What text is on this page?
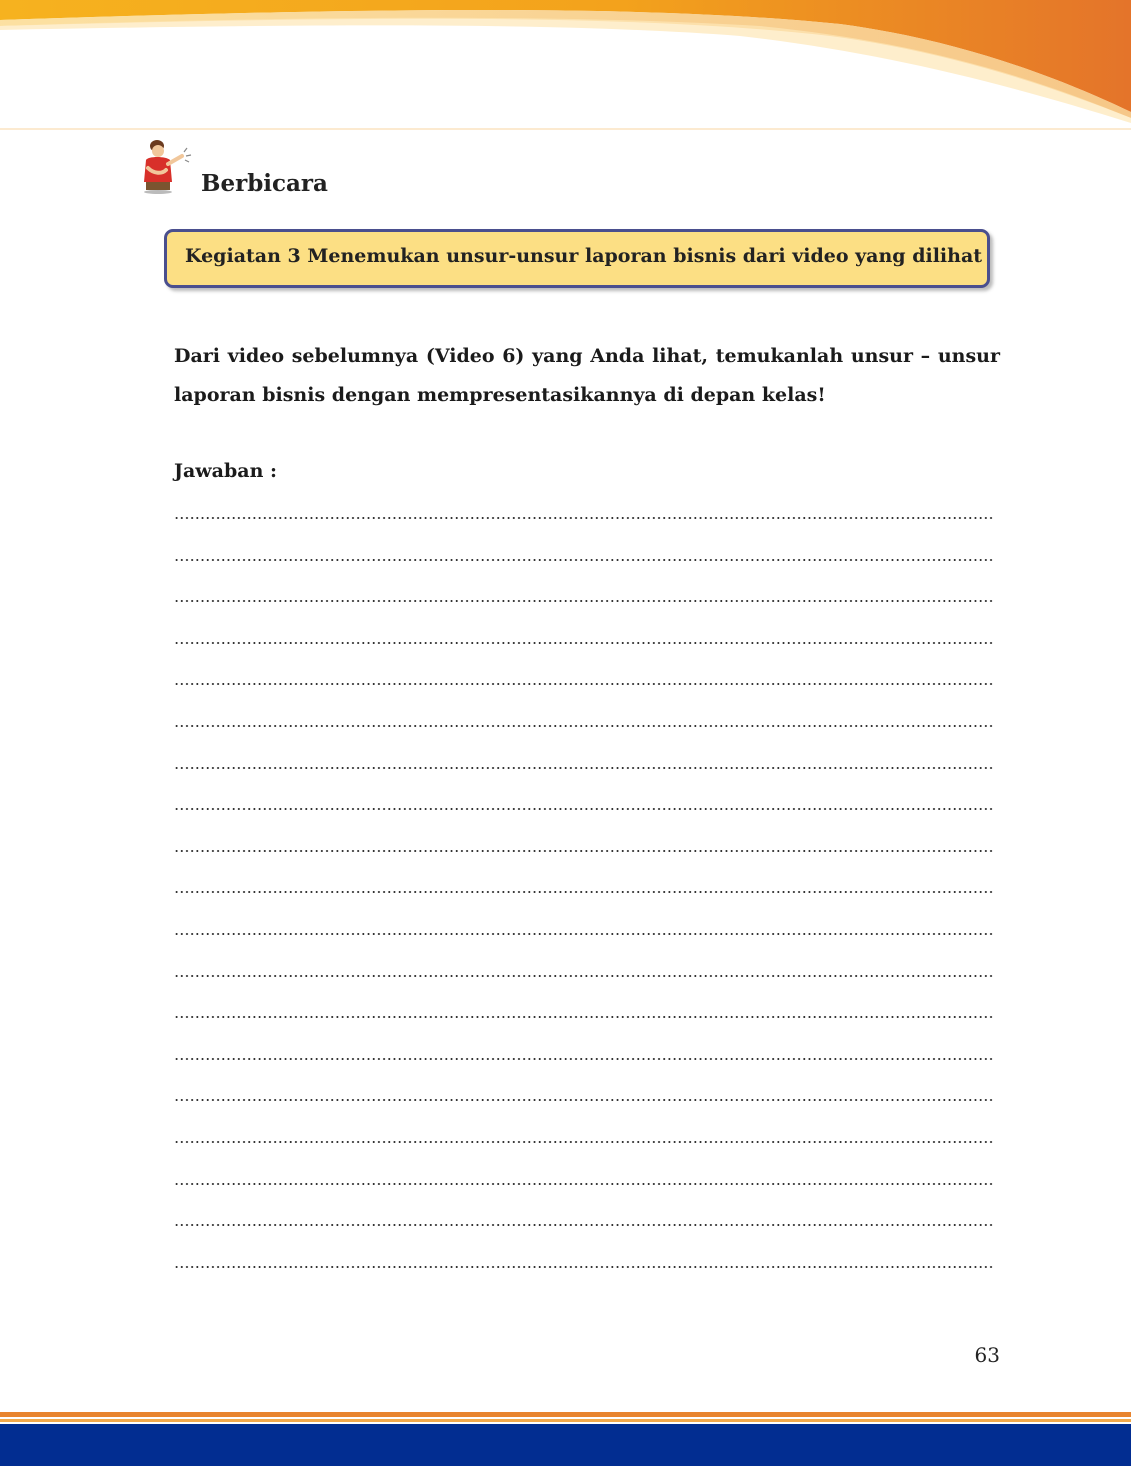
Berbicara
Kegiatan 3 Menemukan unsur-unsur laporan bisnis dari video yang dilihat

Dari video sebelumnya (Video 6) yang Anda lihat, temukanlah unsur – unsur laporan bisnis dengan mempresentasikannya di depan kelas!

Jawaban :
63
